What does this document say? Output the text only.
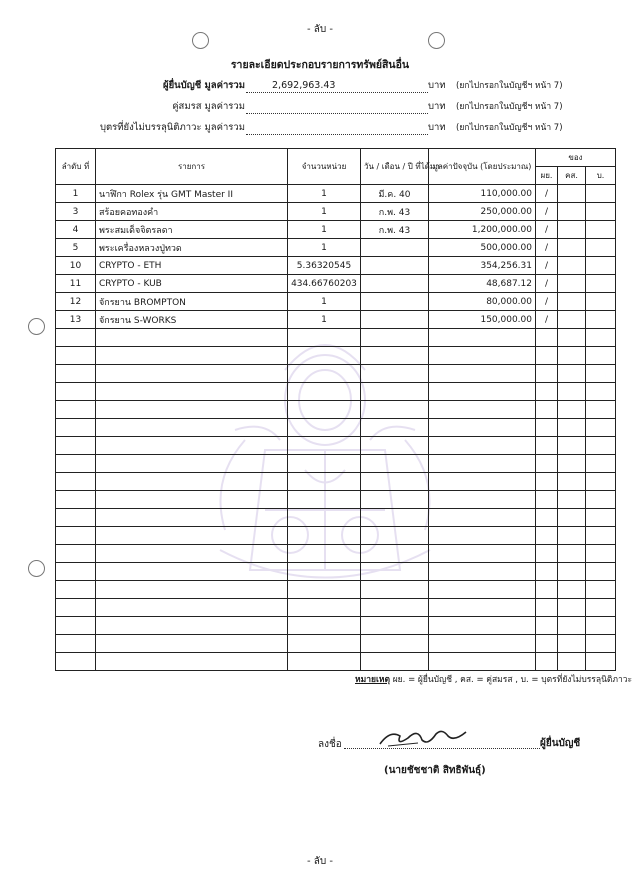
- ลับ -
รายละเอียดประกอบรายการทรัพย์สินอื่น
ผู้ยื่นบัญชี มูลค่ารวม	2,692,963.43	บาท (ยกไปกรอกในบัญชีฯ หน้า 7)
คู่สมรส มูลค่ารวม	บาท (ยกไปกรอกในบัญชีฯ หน้า 7)
บุตรที่ยังไม่บรรลุนิติภาวะ มูลค่ารวม	บาท (ยกไปกรอกในบัญชีฯ หน้า 7)
ลำดับ ที่	รายการ	จำนวนหน่วย	วัน / เดือน / ปี ที่ได้มา	มูลค่าปัจจุบัน (โดยประมาณ)	ของ		
					ผย.	คส.	บ.
1	นาฬิกา Rolex รุ่น GMT Master II	1	มี.ค. 40	110,000.00	/		
3	สร้อยคอทองคำ	1	ก.พ. 43	250,000.00	/		
4	พระสมเด็จจิตรลดา	1	ก.พ. 43	1,200,000.00	/		
5	พระเครื่องหลวงปู่ทวด	1		500,000.00	/		
10	CRYPTO - ETH	5.36320545		354,256.31	/		
11	CRYPTO - KUB	434.66760203		48,687.12	/		
12	จักรยาน BROMPTON	1		80,000.00	/		
13	จักรยาน S-WORKS	1		150,000.00	/		

หมายเหตุ ผย. = ผู้ยื่นบัญชี , คส. = คู่สมรส , บ. = บุตรที่ยังไม่บรรลุนิติภาวะ
ลงชื่อ	ผู้ยื่นบัญชี
(นายชัชชาติ สิทธิพันธุ์)
- ลับ -
